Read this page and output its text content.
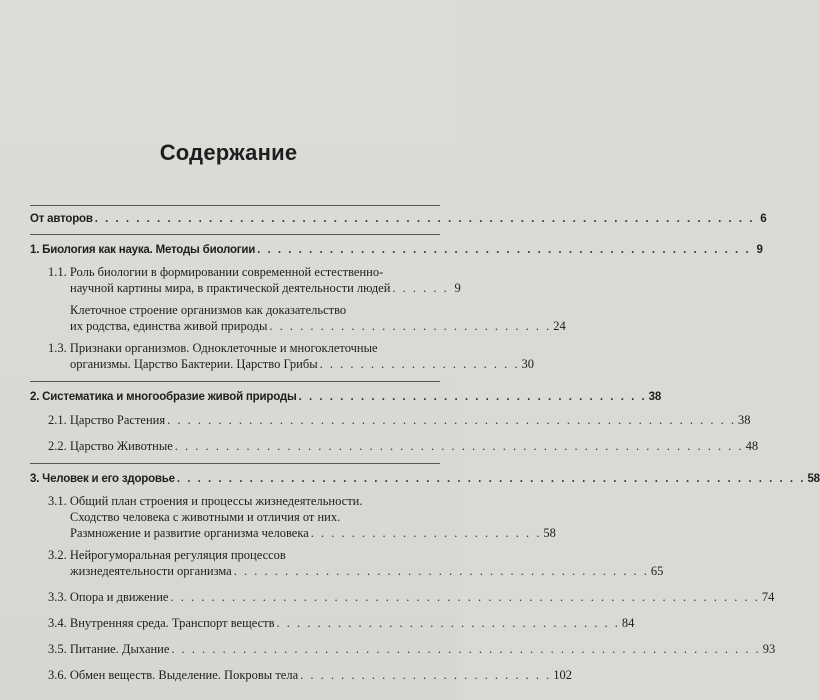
Содержание
От авторов . . . . . . . . . . . . . . . . . . . . . . . . . . . . . . . . . . . . . . . . . . . . . . . . . . . . . . . . . . . . . . . . 6
1. Биология как наука. Методы биологии . . . . . . . . . . . . . . . . . . . . . . . . . . . . . . . . . . . . . . . . . . . . . . . . 9
1.1. Роль биологии в формировании современной естественно-
научной картины мира, в практической деятельности людей . . . . . . 9
Клеточное строение организмов как доказательство
их родства, единства живой природы . . . . . . . . . . . . . . . . . . . . . . . . . . . . 24
1.3. Признаки организмов. Одноклеточные и многоклеточные
организмы. Царство Бактерии. Царство Грибы . . . . . . . . . . . . . . . . . . . . 30
2. Систематика и многообразие живой природы . . . . . . . . . . . . . . . . . . . . . . . . . . . . . . . . . . 38
2.1. Царство Растения . . . . . . . . . . . . . . . . . . . . . . . . . . . . . . . . . . . . . . . . . . . . . . . . . . . . . . . . 38
2.2. Царство Животные . . . . . . . . . . . . . . . . . . . . . . . . . . . . . . . . . . . . . . . . . . . . . . . . . . . . . . . . 48
3. Человек и его здоровье . . . . . . . . . . . . . . . . . . . . . . . . . . . . . . . . . . . . . . . . . . . . . . . . . . . . . . . . . . . . . 58
3.1. Общий план строения и процессы жизнедеятельности.
Сходство человека с животными и отличия от них.
Размножение и развитие организма человека . . . . . . . . . . . . . . . . . . . . . . . 58
3.2. Нейрогуморальная регуляция процессов
жизнедеятельности организма . . . . . . . . . . . . . . . . . . . . . . . . . . . . . . . . . . . . . . . . . 65
3.3. Опора и движение . . . . . . . . . . . . . . . . . . . . . . . . . . . . . . . . . . . . . . . . . . . . . . . . . . . . . . . . . . 74
3.4. Внутренняя среда. Транспорт веществ . . . . . . . . . . . . . . . . . . . . . . . . . . . . . . . . . . 84
3.5. Питание. Дыхание . . . . . . . . . . . . . . . . . . . . . . . . . . . . . . . . . . . . . . . . . . . . . . . . . . . . . . . . . . 93
3.6. Обмен веществ. Выделение. Покровы тела . . . . . . . . . . . . . . . . . . . . . . . . . 102
